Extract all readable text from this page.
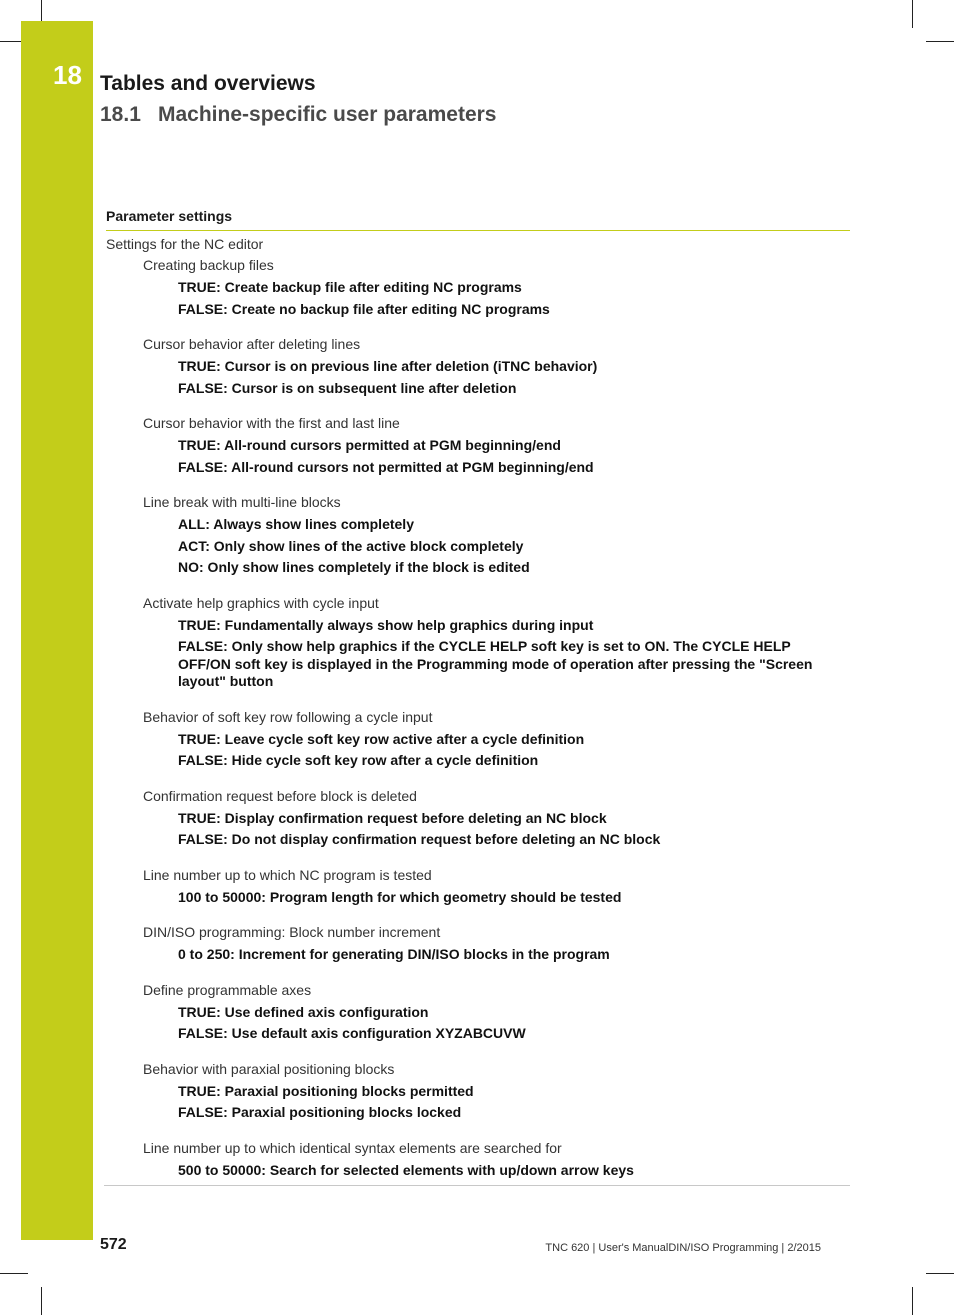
18 Tables and overviews
18.1 Machine-specific user parameters
Parameter settings
Settings for the NC editor
Creating backup files
TRUE: Create backup file after editing NC programs
FALSE: Create no backup file after editing NC programs
Cursor behavior after deleting lines
TRUE: Cursor is on previous line after deletion (iTNC behavior)
FALSE: Cursor is on subsequent line after deletion
Cursor behavior with the first and last line
TRUE: All-round cursors permitted at PGM beginning/end
FALSE: All-round cursors not permitted at PGM beginning/end
Line break with multi-line blocks
ALL: Always show lines completely
ACT: Only show lines of the active block completely
NO: Only show lines completely if the block is edited
Activate help graphics with cycle input
TRUE: Fundamentally always show help graphics during input
FALSE: Only show help graphics if the CYCLE HELP soft key is set to ON. The CYCLE HELP OFF/ON soft key is displayed in the Programming mode of operation after pressing the "Screen layout" button
Behavior of soft key row following a cycle input
TRUE: Leave cycle soft key row active after a cycle definition
FALSE: Hide cycle soft key row after a cycle definition
Confirmation request before block is deleted
TRUE: Display confirmation request before deleting an NC block
FALSE: Do not display confirmation request before deleting an NC block
Line number up to which NC program is tested
100 to 50000: Program length for which geometry should be tested
DIN/ISO programming: Block number increment
0 to 250: Increment for generating DIN/ISO blocks in the program
Define programmable axes
TRUE: Use defined axis configuration
FALSE: Use default axis configuration XYZABCUVW
Behavior with paraxial positioning blocks
TRUE: Paraxial positioning blocks permitted
FALSE: Paraxial positioning blocks locked
Line number up to which identical syntax elements are searched for
500 to 50000: Search for selected elements with up/down arrow keys
572	TNC 620 | User's ManualDIN/ISO Programming | 2/2015
